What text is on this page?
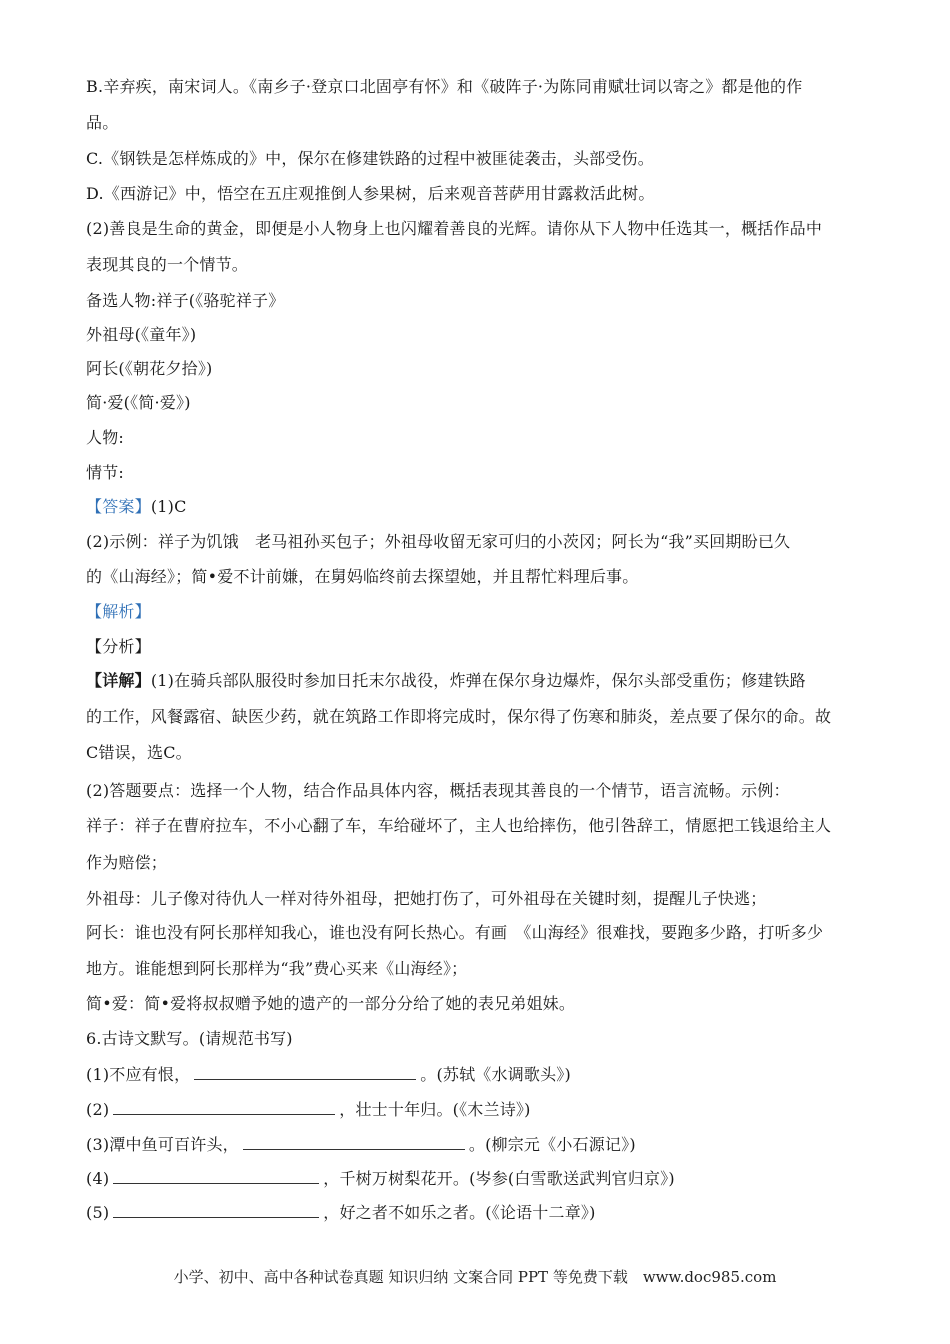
B.辛弃疾，南宋词人。《南乡子·登京口北固亭有怀》和《破阵子·为陈同甫赋壮词以寄之》都是他的作
品。
C.《钢铁是怎样炼成的》中，保尔在修建铁路的过程中被匪徒袭击，头部受伤。
D.《西游记》中，悟空在五庄观推倒人参果树，后来观音菩萨用甘露救活此树。
(2)善良是生命的黄金，即便是小人物身上也闪耀着善良的光辉。请你从下人物中任选其一，概括作品中
表现其良的一个情节。
备选人物:祥子(《骆驼祥子》
外祖母(《童年》)
阿长(《朝花夕拾》)
简·爱(《简·爱》)
人物:
情节:
【答案】(1)C
(2)示例：祥子为饥饿　老马祖孙买包子；外祖母收留无家可归的小茨冈；阿长为“我”买回期盼已久
的《山海经》；简•爱不计前嫌，在舅妈临终前去探望她，并且帮忙料理后事。
【解析】
【分析】
【详解】(1)在骑兵部队服役时参加日托末尔战役，炸弹在保尔身边爆炸，保尔头部受重伤；修建铁路
的工作，风餐露宿、缺医少药，就在筑路工作即将完成时，保尔得了伤寒和肺炎，差点要了保尔的命。故
C错误，选C。
(2)答题要点：选择一个人物，结合作品具体内容，概括表现其善良的一个情节，语言流畅。示例：
祥子：祥子在曹府拉车，不小心翻了车，车给碰坏了，主人也给摔伤，他引咎辞工，情愿把工钱退给主人
作为赔偿；
外祖母：儿子像对待仇人一样对待外祖母，把她打伤了，可外祖母在关键时刻，提醒儿子快逃；
阿长：谁也没有阿长那样知我心，谁也没有阿长热心。有画　《山海经》很难找，要跑多少路，打听多少
地方。谁能想到阿长那样为“我”费心买来《山海经》；
简•爱：简•爱将叔叔赠予她的遗产的一部分分给了她的表兄弟姐妹。
6.古诗文默写。(请规范书写)
(1)不应有恨，	。(苏轼《水调歌头》)
(2)	，壮士十年归。(《木兰诗》)
(3)潭中鱼可百许头，	。(柳宗元《小石源记》)
(4)	，千树万树梨花开。(岑参(白雪歌送武判官归京》)
(5)	，好之者不如乐之者。(《论语十二章》)
小学、初中、高中各种试卷真题 知识归纳 文案合同 PPT 等免费下载　www.doc985.com
